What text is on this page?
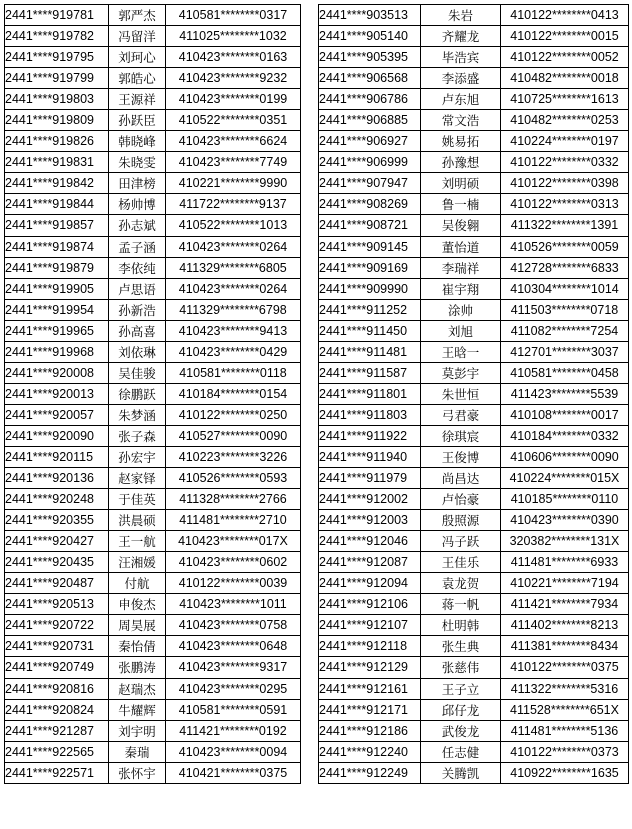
2441****919781	郭严杰	410581********0317
2441****919782	冯留洋	411025********1032
2441****919795	刘珂心	410423********0163
2441****919799	郭皓心	410423********9232
2441****919803	王源祥	410423********0199
2441****919809	孙跃臣	410522********0351
2441****919826	韩晓峰	410423********6624
2441****919831	朱晓雯	410423********7749
2441****919842	田津榜	410221********9990
2441****919844	杨帅博	411722********9137
2441****919857	孙志斌	410522********1013
2441****919874	孟子涵	410423********0264
2441****919879	李依纯	411329********6805
2441****919905	卢思语	410423********0264
2441****919954	孙新浩	411329********6798
2441****919965	孙高喜	410423********9413
2441****919968	刘依琳	410423********0429
2441****920008	吴佳骏	410581********0118
2441****920013	徐鹏跃	410184********0154
2441****920057	朱梦涵	410122********0250
2441****920090	张子森	410527********0090
2441****920115	孙宏宇	410223********3226
2441****920136	赵家铎	410526********0593
2441****920248	于佳英	411328********2766
2441****920355	洪晨硕	411481********2710
2441****920427	王一航	410423********017X
2441****920435	汪湘媛	410423********0602
2441****920487	付航	410122********0039
2441****920513	申俊杰	410423********1011
2441****920722	周昊展	410423********0758
2441****920731	秦怡倩	410423********0648
2441****920749	张鹏涛	410423********9317
2441****920816	赵瑞杰	410423********0295
2441****920824	牛耀辉	410581********0591
2441****921287	刘宇明	411421********0192
2441****922565	秦瑞	410423********0094
2441****922571	张怀宇	410421********0375
2441****903513	朱岩	410122********0413
2441****905140	齐耀龙	410122********0015
2441****905395	毕浩宾	410122********0052
2441****906568	李添盛	410482********0018
2441****906786	卢东旭	410725********1613
2441****906885	常文浩	410482********0253
2441****906927	姚易拓	410224********0197
2441****906999	孙豫想	410122********0332
2441****907947	刘明硕	410122********0398
2441****908269	鲁一楠	410122********0313
2441****908721	吴俊翱	411322********1391
2441****909145	董怡道	410526********0059
2441****909169	李瑞祥	412728********6833
2441****909990	崔宇翔	410304********1014
2441****911252	涂帅	411503********0718
2441****911450	刘旭	411082********7254
2441****911481	王晗一	412701********3037
2441****911587	莫彭宇	410581********0458
2441****911801	朱世恒	411423********5539
2441****911803	弓君豪	410108********0017
2441****911922	徐琪宸	410184********0332
2441****911940	王俊博	410606********0090
2441****911979	尚昌达	410224********015X
2441****912002	卢怡豪	410185********0110
2441****912003	殷照源	410423********0390
2441****912046	冯子跃	320382********131X
2441****912087	王佳乐	411481********6933
2441****912094	袁龙贺	410221********7194
2441****912106	蒋一帆	411421********7934
2441****912107	杜明韩	411402********8213
2441****912118	张生典	411381********8434
2441****912129	张慈伟	410122********0375
2441****912161	王子立	411322********5316
2441****912171	邱仔龙	411528********651X
2441****912186	武俊龙	411481********5136
2441****912240	任志健	410122********0373
2441****912249	关腾凯	410922********1635
